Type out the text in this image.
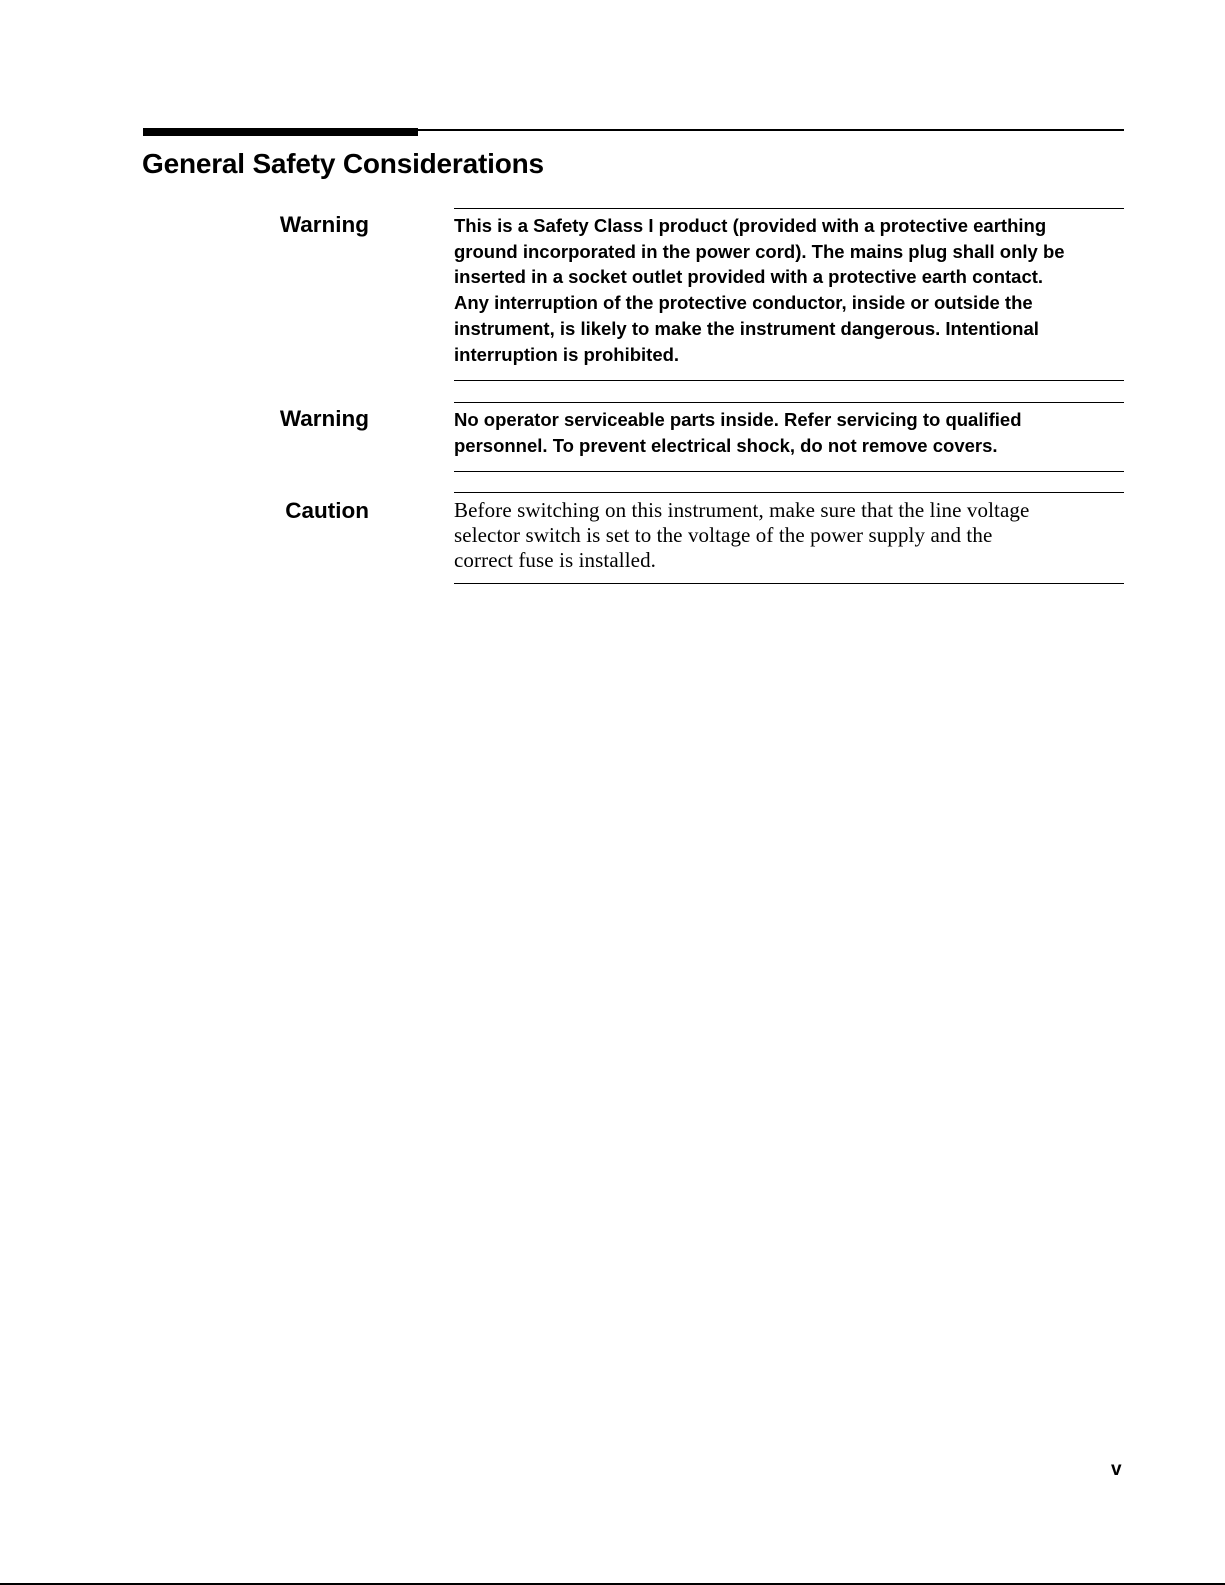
General Safety Considerations
Warning	This is a Safety Class I product (provided with a protective earthing

ground incorporated in the power cord). The mains plug shall only be

inserted in a socket outlet provided with a protective earth contact.

Any interruption of the protective conductor, inside or outside the

instrument, is likely to make the instrument dangerous. Intentional

interruption is prohibited.

Warning	No operator serviceable parts inside. Refer servicing to qualified

personnel. To prevent electrical shock, do not remove covers.

Caution	Before switching on this instrument, make sure that the line voltage

selector switch is set to the voltage of the power supply and the

correct fuse is installed.

v
